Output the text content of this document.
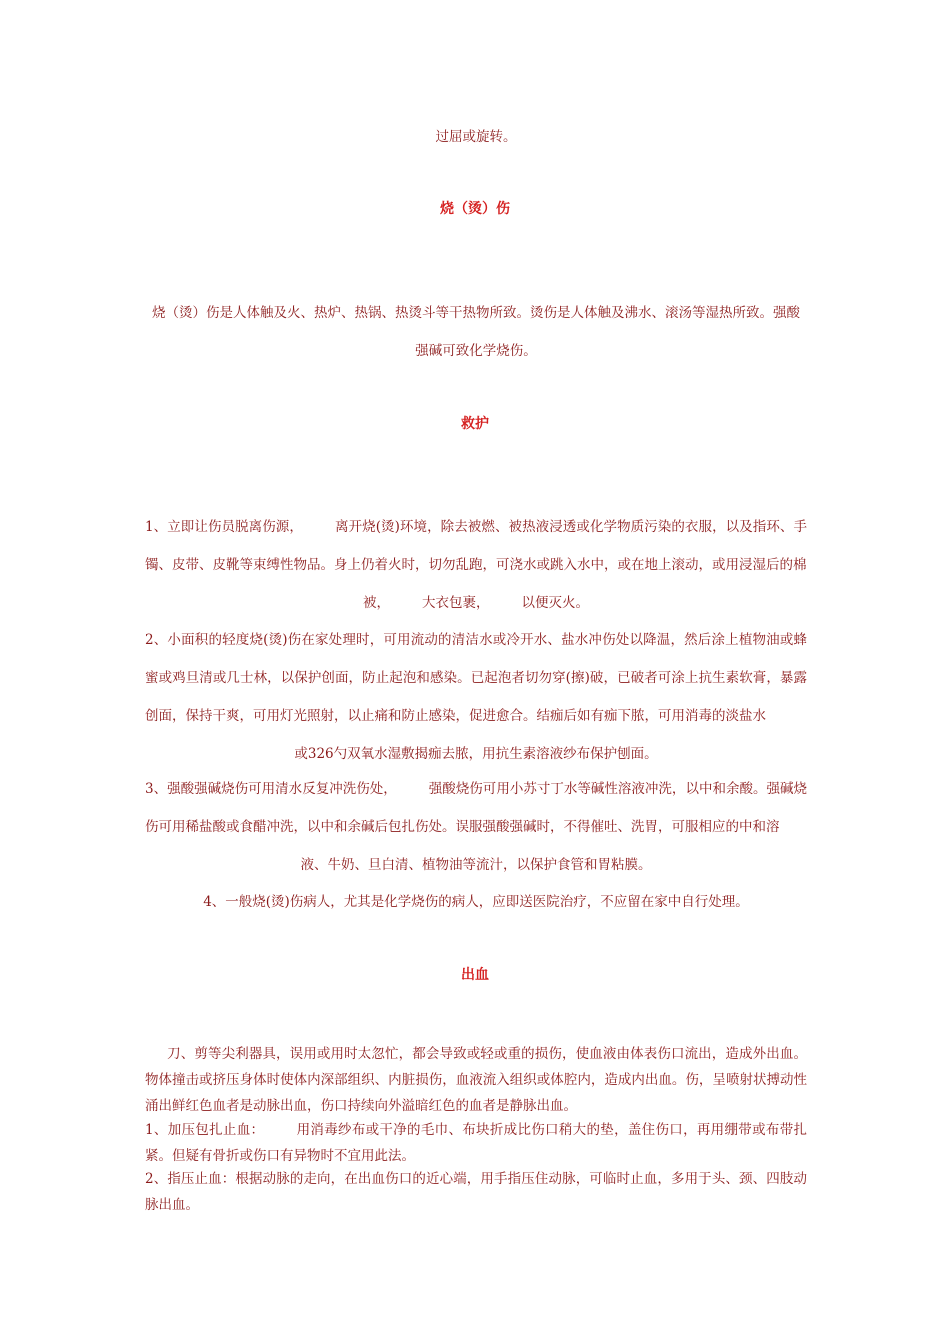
过屈或旋转。
烧（烫）伤
烧（烫）伤是人体触及火、热炉、热锅、热烫斗等干热物所致。烫伤是人体触及沸水、滚汤等湿热所致。强酸
强碱可致化学烧伤。
救护
1、立即让伤员脱离伤源， 离开烧(烫)环境，除去被燃、被热液浸透或化学物质污染的衣服，以及指环、手镯、皮带、皮靴等束缚性物品。身上仍着火时，切勿乱跑，可浇水或跳入水中，或在地上滚动，或用浸湿后的棉
被， 大衣包裹， 以便灭火。
2、小面积的轻度烧(烫)伤在家处理时，可用流动的清洁水或冷开水、盐水冲伤处以降温，然后涂上植物油或蜂蜜或鸡旦清或几士林，以保护创面，防止起泡和感染。已起泡者切勿穿(擦)破，已破者可涂上抗生素软膏，暴露创面，保持干爽，可用灯光照射，以止痛和防止感染，促进愈合。结痂后如有痂下脓，可用消毒的淡盐水
或326勺双氧水湿敷揭痂去脓，用抗生素溶液纱布保护刨面。
3、强酸强碱烧伤可用清水反复冲洗伤处， 强酸烧伤可用小苏寸丁水等碱性溶液冲洗，以中和余酸。强碱烧伤可用稀盐酸或食醋冲洗，以中和余碱后包扎伤处。误服强酸强碱时，不得催吐、洗胃，可服相应的中和溶
液、牛奶、旦白清、植物油等流汁，以保护食管和胃粘膜。
4、一般烧(烫)伤病人，尤其是化学烧伤的病人，应即送医院治疗，不应留在家中自行处理。
出血
刀、剪等尖利器具，误用或用时太忽忙，都会导致或轻或重的损伤，使血液由体表伤口流出，造成外出血。物体撞击或挤压身体时使体内深部组织、内脏损伤，血液流入组织或体腔内，造成内出血。伤，呈喷射状搏动性涌出鲜红色血者是动脉出血，伤口持续向外溢暗红色的血者是静脉出血。
1、加压包扎止血： 用消毒纱布或干净的毛巾、布块折成比伤口稍大的垫，盖住伤口，再用绷带或布带扎紧。但疑有骨折或伤口有异物时不宜用此法。
2、指压止血：根据动脉的走向，在出血伤口的近心端，用手指压住动脉，可临时止血，多用于头、颈、四肢动脉出血。
